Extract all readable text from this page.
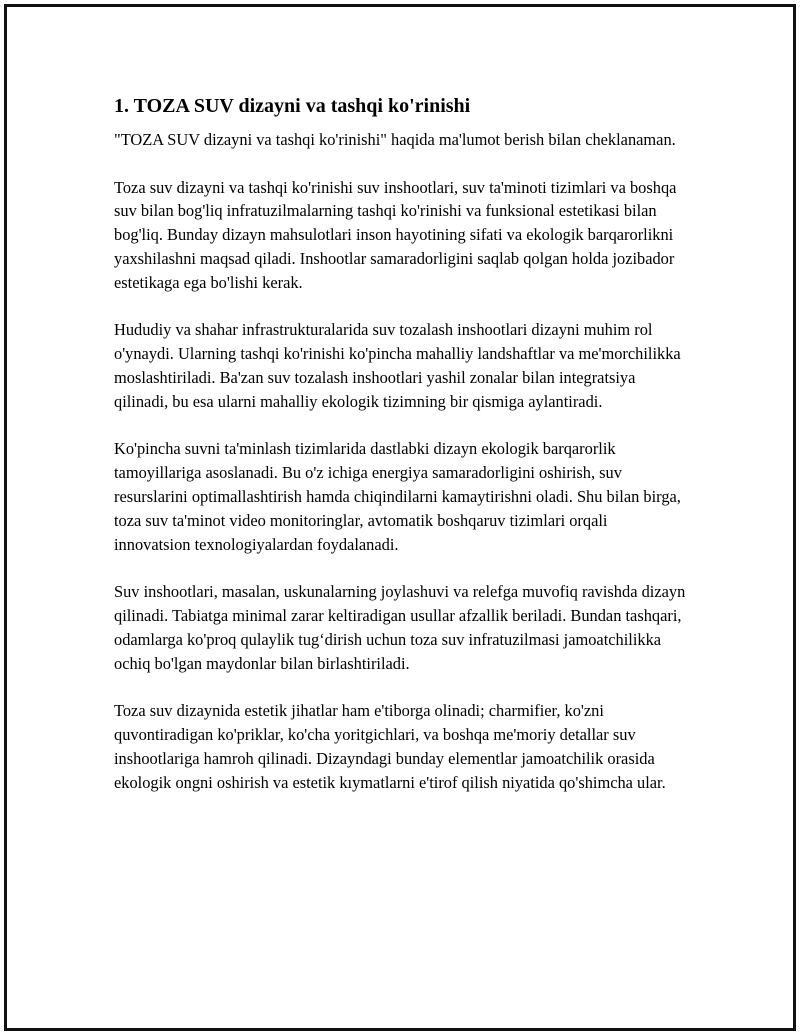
1. TOZA SUV dizayni va tashqi ko'rinishi

"TOZA SUV dizayni va tashqi ko'rinishi" haqida ma'lumot berish bilan cheklanaman.

Toza suv dizayni va tashqi ko'rinishi suv inshootlari, suv ta'minoti tizimlari va boshqa suv bilan bog'liq infratuzilmalarning tashqi ko'rinishi va funksional estetikasi bilan bog'liq. Bunday dizayn mahsulotlari inson hayotining sifati va ekologik barqarorlikni yaxshilashni maqsad qiladi. Inshootlar samaradorligini saqlab qolgan holda jozibador estetikaga ega bo'lishi kerak.

Hududiy va shahar infrastrukturalarida suv tozalash inshootlari dizayni muhim rol o'ynaydi. Ularning tashqi ko'rinishi ko'pincha mahalliy landshaftlar va me'morchilikka moslashtiriladi. Ba'zan suv tozalash inshootlari yashil zonalar bilan integratsiya qilinadi, bu esa ularni mahalliy ekologik tizimning bir qismiga aylantiradi.

Ko'pincha suvni ta'minlash tizimlarida dastlabki dizayn ekologik barqarorlik tamoyillariga asoslanadi. Bu o'z ichiga energiya samaradorligini oshirish, suv resurslarini optimallashtirish hamda chiqindilarni kamaytirishni oladi. Shu bilan birga, toza suv ta'minot video monitoringlar, avtomatik boshqaruv tizimlari orqali innovatsion texnologiyalardan foydalanadi.

Suv inshootlari, masalan, uskunalarning joylashuvi va relefga muvofiq ravishda dizayn qilinadi. Tabiatga minimal zarar keltiradigan usullar afzallik beriladi. Bundan tashqari, odamlarga ko'proq qulaylik tug‘dirish uchun toza suv infratuzilmasi jamoatchilikka ochiq bo'lgan maydonlar bilan birlashtiriladi.

Toza suv dizaynida estetik jihatlar ham e'tiborga olinadi; charmifier, ko'zni quvontiradigan ko'priklar, ko'cha yoritgichlari, va boshqa me'moriy detallar suv inshootlariga hamroh qilinadi. Dizayndagi bunday elementlar jamoatchilik orasida ekologik ongni oshirish va estetik kıymatlarni e'tirof qilish niyatida qo'shimcha ular.
